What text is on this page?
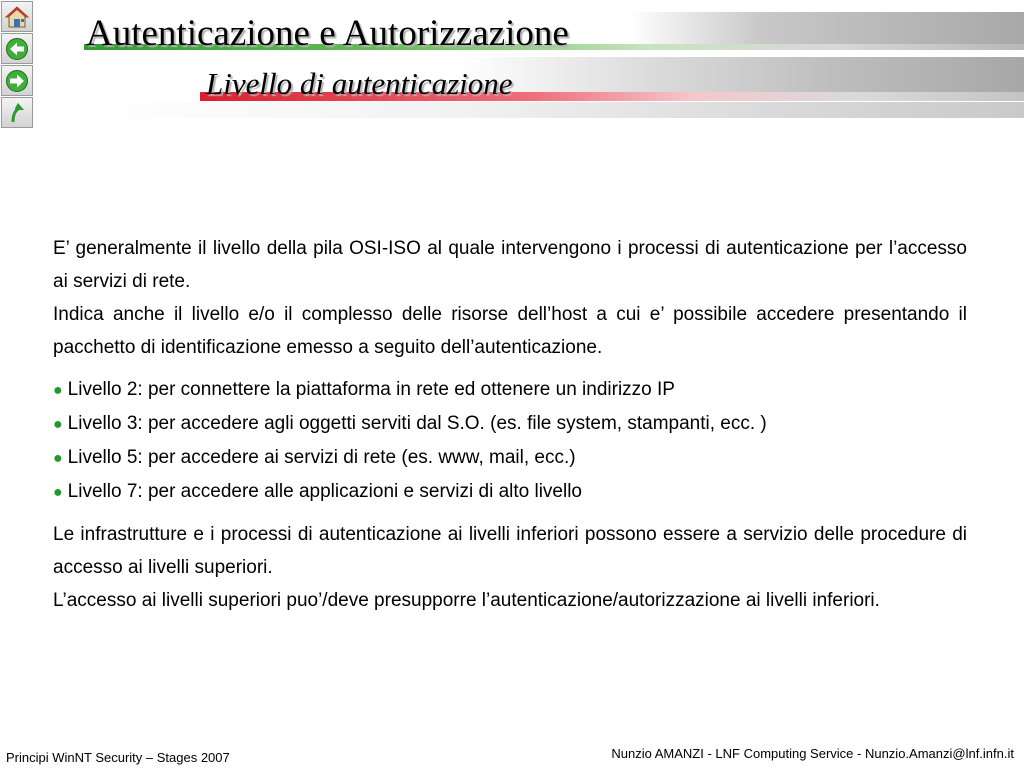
Autenticazione e Autorizzazione
Livello di autenticazione

E’ generalmente il livello della pila OSI-ISO al quale intervengono i processi di autenticazione per l’accesso ai servizi di rete.

Indica anche il livello e/o il complesso delle risorse dell’host a cui e’ possibile accedere presentando il pacchetto di identificazione emesso a seguito dell’autenticazione.

● Livello 2: per connettere la piattaforma in rete ed ottenere un indirizzo IP
● Livello 3: per accedere agli oggetti serviti dal S.O. (es. file system, stampanti, ecc. )
● Livello 5: per accedere ai servizi di rete (es. www, mail, ecc.)
● Livello 7: per accedere alle applicazioni e servizi di alto livello

Le infrastrutture e i processi di autenticazione ai livelli inferiori possono essere a servizio delle procedure di accesso ai livelli superiori.

L’accesso ai livelli superiori puo’/deve presupporre l’autenticazione/autorizzazione ai livelli inferiori.

Principi WinNT Security – Stages 2007	Nunzio AMANZI - LNF Computing Service - Nunzio.Amanzi@lnf.infn.it
